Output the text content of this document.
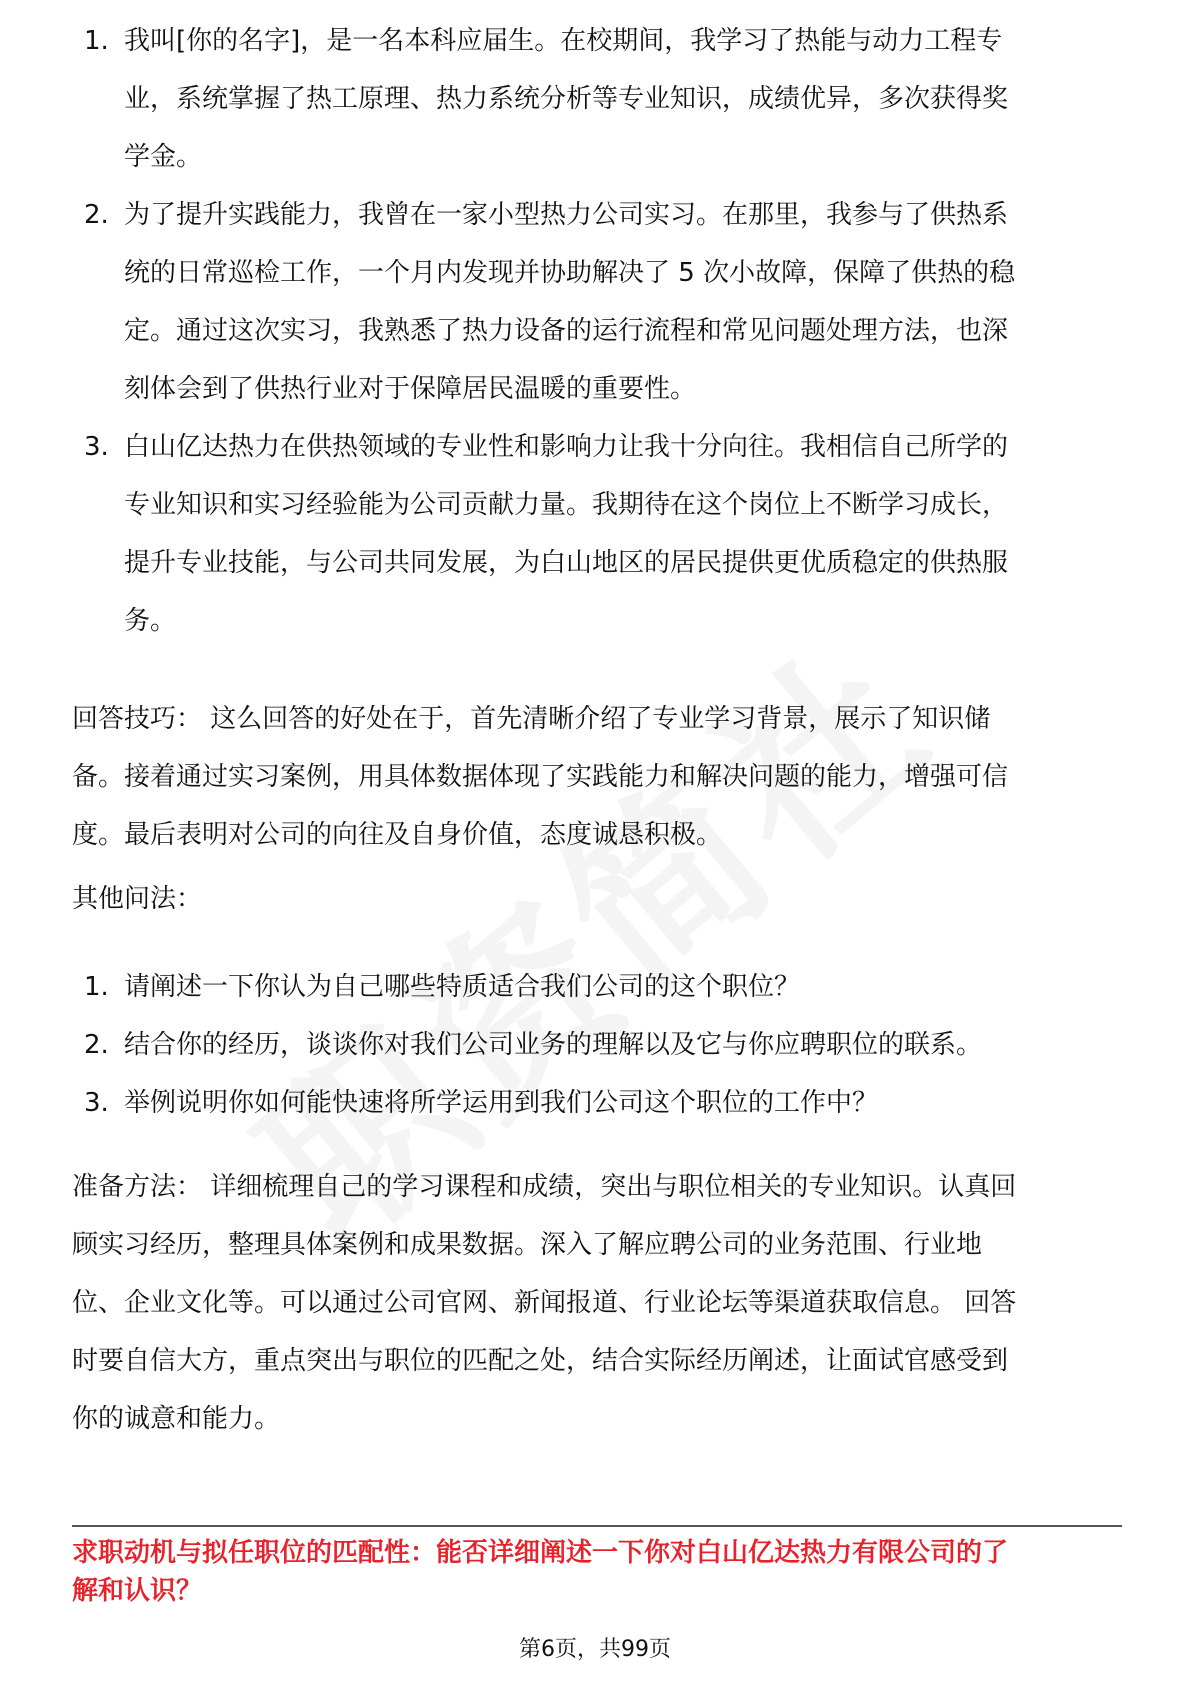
1. 我叫[你的名字]，是一名本科应届生。在校期间，我学习了热能与动力工程专
业，系统掌握了热工原理、热力系统分析等专业知识，成绩优异，多次获得奖
学金。
2. 为了提升实践能力，我曾在一家小型热力公司实习。在那里，我参与了供热系
统的日常巡检工作，一个月内发现并协助解决了 5 次小故障，保障了供热的稳
定。通过这次实习，我熟悉了热力设备的运行流程和常见问题处理方法，也深
刻体会到了供热行业对于保障居民温暖的重要性。
3. 白山亿达热力在供热领域的专业性和影响力让我十分向往。我相信自己所学的
专业知识和实习经验能为公司贡献力量。我期待在这个岗位上不断学习成长，
提升专业技能，与公司共同发展，为白山地区的居民提供更优质稳定的供热服
务。
回答技巧： 这么回答的好处在于，首先清晰介绍了专业学习背景，展示了知识储
备。接着通过实习案例，用具体数据体现了实践能力和解决问题的能力，增强可信
度。最后表明对公司的向往及自身价值，态度诚恳积极。
其他问法：
1. 请阐述一下你认为自己哪些特质适合我们公司的这个职位？
2. 结合你的经历，谈谈你对我们公司业务的理解以及它与你应聘职位的联系。
3. 举例说明你如何能快速将所学运用到我们公司这个职位的工作中？
准备方法： 详细梳理自己的学习课程和成绩，突出与职位相关的专业知识。认真回
顾实习经历，整理具体案例和成果数据。深入了解应聘公司的业务范围、行业地
位、企业文化等。可以通过公司官网、新闻报道、行业论坛等渠道获取信息。 回答
时要自信大方，重点突出与职位的匹配之处，结合实际经历阐述，让面试官感受到
你的诚意和能力。
求职动机与拟任职位的匹配性：能否详细阐述一下你对白山亿达热力有限公司的了
解和认识？
第6页，共99页
